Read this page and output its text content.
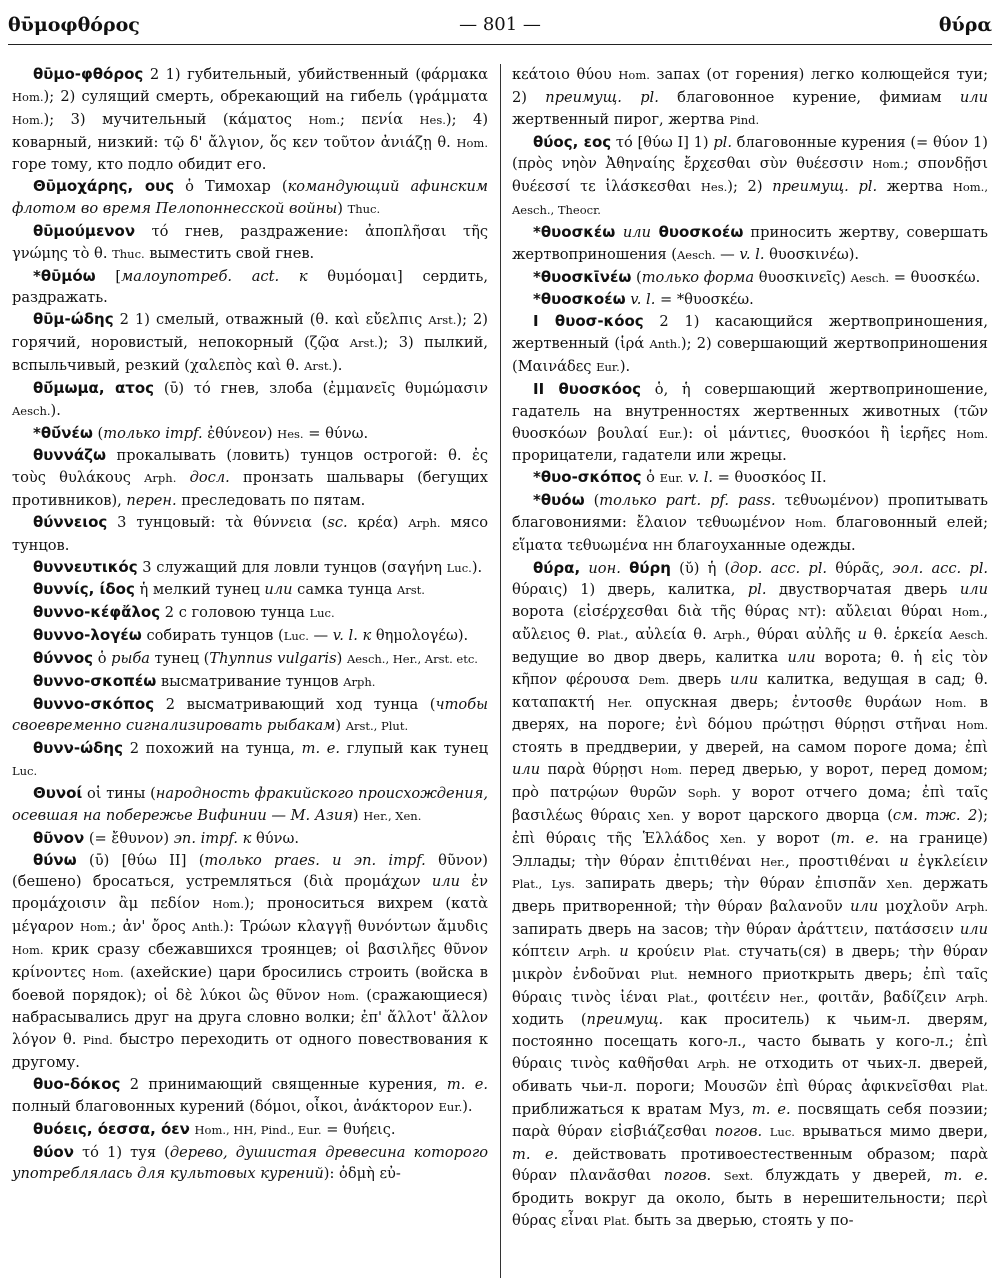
θῡμοφθόρος	— 801 —	θύρα

θῡμο-φθόρος 2 1) губительный, убийственный (φάρμακα Hom.); 2) сулящий смерть, обрекающий на гибель (γράμματα Hom.); 3) мучительный (κάματος Hom.; πενία Hes.); 4) коварный, низкий: τῷ δ' ἄλγιον, ὅς κεν τοῦτον ἀνιάζῃ θ. Hom. горе тому, кто подло обидит его.

Θῡμοχάρης, ους ὁ Тимохар (командующий афинским флотом во время Пелопоннесской войны) Thuc.

θῡμούμενον τό гнев, раздражение: ἀποπλῆσαι τῆς γνώμης τὸ θ. Thuc. выместить свой гнев.

*θῡμόω [малоупотреб. act. к θυμόομαι] сердить, раздражать.

θῡμ-ώδης 2 1) смелый, отважный (θ. καὶ εὔελπις Arst.); 2) горячий, норовистый, непокорный (ζῷα Arst.); 3) пылкий, вспыльчивый, резкий (χαλεπὸς καὶ θ. Arst.).

θῡ́μωμα, ατος (ῡ) τό гнев, злоба (ἐμμανεῖς θυμώμασιν Aesch.).

*θῡ́νέω (только impf. ἐθύνεον) Hes. = θύνω.

θυννάζω прокалывать (ловить) тунцов острогой: θ. ἐς τοὺς θυλάκους Arph. досл. пронзать шальвары (бегущих противников), перен. преследовать по пятам.

θύννειος 3 тунцовый: τὰ θύννεια (sc. κρέα) Arph. мясо тунцов.

θυννευτικός 3 служащий для ловли тунцов (σαγήνη Luc.).

θυννίς, ίδος ἡ мелкий тунец или самка тунца Arst.

θυννο-κέφἄλος 2 с головою тунца Luc.

θυννο-λογέω собирать тунцов (Luc. — v. l. к θημολογέω).

θύννος ὁ рыба тунец (Thynnus vulgaris) Aesch., Her., Arst. etc.

θυννο-σκοπέω высматривание тунцов Arph.

θυννο-σκόπος 2 высматривающий ход тунца (чтобы своевременно сигнализировать рыбакам) Arst., Plut.

θυνν-ώδης 2 похожий на тунца, т. е. глупый как тунец Luc.

Θυνοί οἱ тины (народность фракийского происхождения, осевшая на побережье Вифинии — М. Азия) Her., Xen.

θῦνον (= ἔθυνον) эп. impf. к θύνω.

θύνω (ῡ) [θύω II] (только praes. и эп. impf. θῦνον) (бешено) бросаться, устремляться (διὰ προμάχων или ἐν προμάχοισιν ἂμ πεδίον Hom.); проноситься вихрем (κατὰ μέγαρον Hom.; ἀν' ὄρος Anth.): Τρώων κλαγγῇ θυνόντων ἄμυδις Hom. крик сразу сбежавшихся троянцев; οἱ βασιλῆες θῦνον κρίνοντες Hom. (ахейские) цари бросились строить (войска в боевой порядок); οἱ δὲ λύκοι ὣς θῦνον Hom. (сражающиеся) набрасывались друг на друга словно волки; ἐπ' ἄλλοτ' ἄλλον λόγον θ. Pind. быстро переходить от одного повествования к другому.

θυο-δόκος 2 принимающий священные курения, т. е. полный благовонных курений (δόμοι, οἶκοι, ἀνάκτορον Eur.).

θυόεις, όεσσα, όεν Hom., HH, Pind., Eur. = θυήεις.

θύον τό 1) туя (дерево, душистая древесина которого употреблялась для культовых курений): ὀδμὴ εὐ-

κεάτοιο θύου Hom. запах (от горения) легко колющейся туи; 2) преимущ. pl. благовонное курение, фимиам или жертвенный пирог, жертва Pind.

θύος, εος τό [θύω I] 1) pl. благовонные курения (= θύον 1) (πρὸς νηὸν Ἀθηναίης ἔρχεσθαι σὺν θυέεσσιν Hom.; σπονδῇσι θυέεσσί τε ἱλάσκεσθαι Hes.); 2) преимущ. pl. жертва Hom., Aesch., Theocr.

*θυοσκέω или θυοσκοέω приносить жертву, совершать жертвоприношения (Aesch. — v. l. θυοσκινέω).

*θυοσκῑνέω (только форма θυοσκινεῖς) Aesch. = θυοσκέω.

*θυοσκοέω v. l. = *θυοσκέω.

I θυοσ-κόος 2 1) касающийся жертвоприношения, жертвенный (ἱρά Anth.); 2) совершающий жертвоприношения (Μαινάδες Eur.).

II θυοσκόος ὁ, ἡ совершающий жертвоприношение, гадатель на внутренностях жертвенных животных (τῶν θυοσκόων βουλαί Eur.): οἱ μάντιες, θυοσκόοι ἢ ἱερῆες Hom. прорицатели, гадатели или жрецы.

*θυο-σκόπος ὁ Eur. v. l. = θυοσκόος II.

*θυόω (только part. pf. pass. τεθυωμένον) пропитывать благовониями: ἔλαιον τεθυωμένον Hom. благовонный елей; εἵματα τεθυωμένα HH благоуханные одежды.

θύρα, ион. θύρη (ῠ) ἡ (дор. acc. pl. θύρᾶς, эол. acc. pl. θύραις) 1) дверь, калитка, pl. двустворчатая дверь или ворота (εἰσέρχεσθαι διὰ τῆς θύρας NT): αὔλειαι θύραι Hom., αὔλειος θ. Plat., αὐλεία θ. Arph., θύραι αὐλῆς и θ. ἑρκεία Aesch. ведущие во двор дверь, калитка или ворота; θ. ἡ εἰς τὸν κῆπον φέρουσα Dem. дверь или калитка, ведущая в сад; θ. καταπακτή Her. опускная дверь; ἐντοσθε θυράων Hom. в дверях, на пороге; ἐνὶ δόμου πρώτῃσι θύρῃσι στῆναι Hom. стоять в преддверии, у дверей, на самом пороге дома; ἐπὶ или παρὰ θύρῃσι Hom. перед дверью, у ворот, перед домом; πρὸ πατρῴων θυρῶν Soph. у ворот отчего дома; ἐπὶ ταῖς βασιλέως θύραις Xen. у ворот царского дворца (см. тж. 2); ἐπὶ θύραις τῆς Ἑλλάδος Xen. у ворот (т. е. на границе) Эллады; τὴν θύραν ἐπιτιθέναι Her., προστιθέναι и ἐγκλείειν Plat., Lys. запирать дверь; τὴν θύραν ἐπισπᾶν Xen. держать дверь притворенной; τὴν θύραν βαλανοῦν или μοχλοῦν Arph. запирать дверь на засов; τὴν θύραν ἀράττειν, πατάσσειν или κόπτειν Arph. и κρούειν Plat. стучать(ся) в дверь; τὴν θύραν μικρὸν ἐνδοῦναι Plut. немного приоткрыть дверь; ἐπὶ ταῖς θύραις τινὸς ἰέναι Plat., φοιτέειν Her., φοιτᾶν, βαδίζειν Arph. ходить (преимущ. как проситель) к чьим-л. дверям, постоянно посещать кого-л., часто бывать у кого-л.; ἐπὶ θύραις τινὸς καθῆσθαι Arph. не отходить от чьих-л. дверей, обивать чьи-л. пороги; Μουσῶν ἐπὶ θύρας ἀφικνεῖσθαι Plat. приближаться к вратам Муз, т. е. посвящать себя поэзии; παρὰ θύραν εἰσβιάζεσθαι погов. Luc. врываться мимо двери, т. е. действовать противоестественным образом; παρὰ θύραν πλανᾶσθαι погов. Sext. блуждать у дверей, т. е. бродить вокруг да около, быть в нерешительности; περὶ θύρας εἶναι Plat. быть за дверью, стоять у по-
